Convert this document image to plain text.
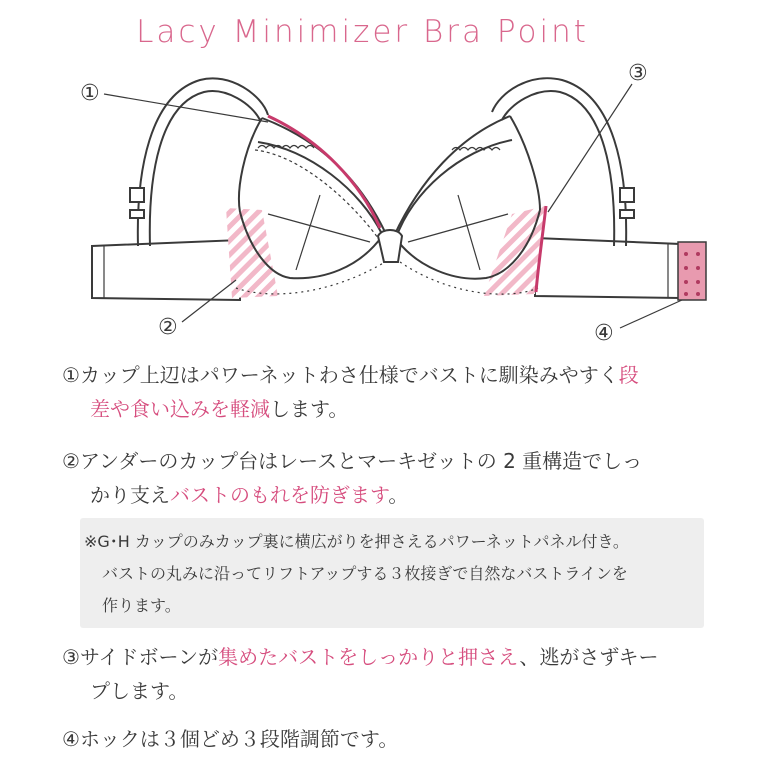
Lacy Minimizer Bra Point
①
②
③
④
①カップ上辺はパワーネットわさ仕様でバストに馴染みやすく段
差や食い込みを軽減します。
②アンダーのカップ台はレースとマーキゼットの 2 重構造でしっ
かり支えバストのもれを防ぎます。
※G･H カップのみカップ裏に横広がりを押さえるパワーネットパネル付き。
バストの丸みに沿ってリフトアップする３枚接ぎで自然なバストラインを
作ります。
③サイドボーンが集めたバストをしっかりと押さえ、逃がさずキー
プします。
④ホックは３個どめ３段階調節です。
